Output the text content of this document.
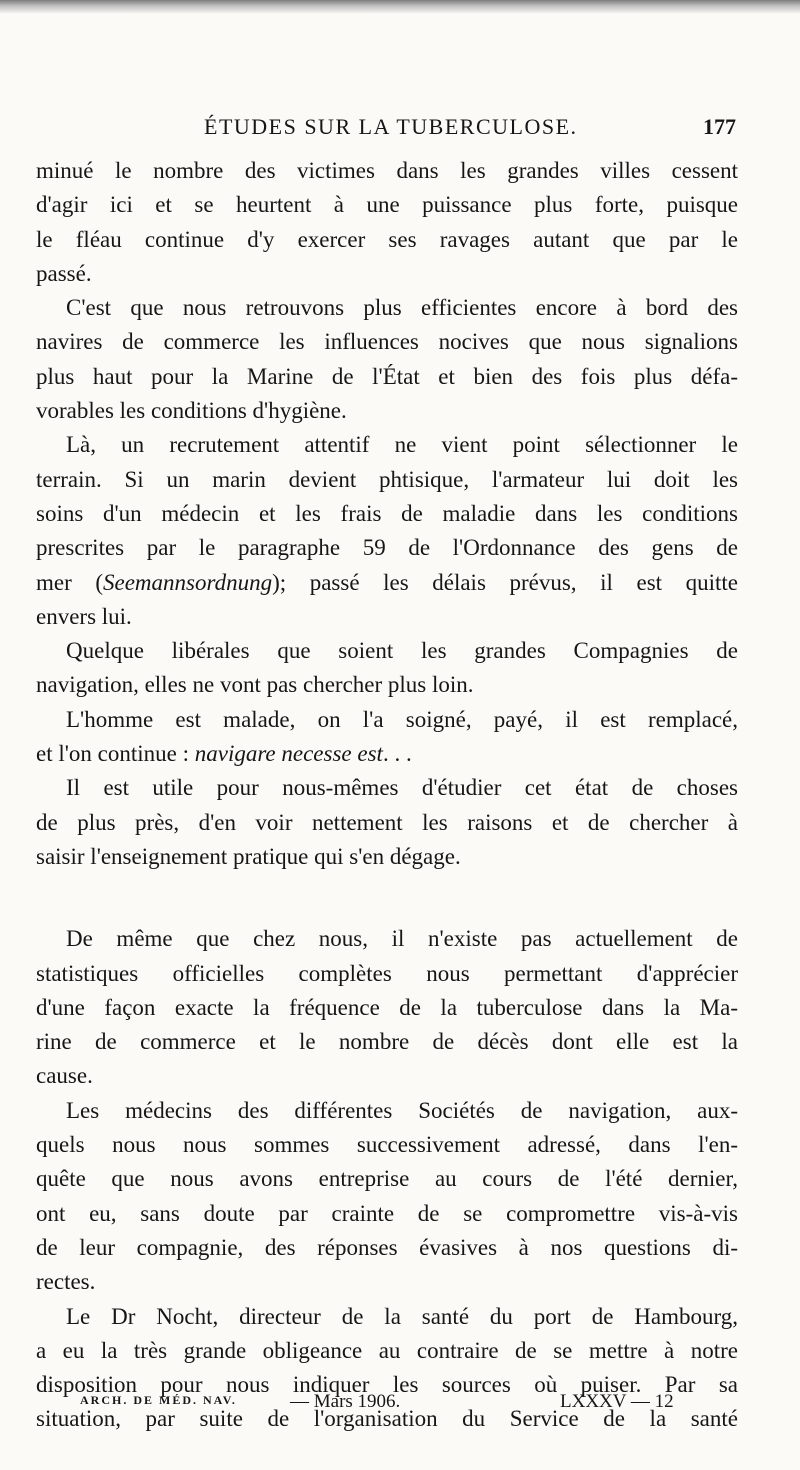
ÉTUDES SUR LA TUBERCULOSE.	177
minué le nombre des victimes dans les grandes villes cessent
d'agir ici et se heurtent à une puissance plus forte, puisque
le fléau continue d'y exercer ses ravages autant que par le
passé.
C'est que nous retrouvons plus efficientes encore à bord des
navires de commerce les influences nocives que nous signalions
plus haut pour la Marine de l'État et bien des fois plus défa-
vorables les conditions d'hygiène.
Là, un recrutement attentif ne vient point sélectionner le
terrain. Si un marin devient phtisique, l'armateur lui doit les
soins d'un médecin et les frais de maladie dans les conditions
prescrites par le paragraphe 59 de l'Ordonnance des gens de
mer (Seemannsordnung); passé les délais prévus, il est quitte
envers lui.
Quelque libérales que soient les grandes Compagnies de
navigation, elles ne vont pas chercher plus loin.
L'homme est malade, on l'a soigné, payé, il est remplacé,
et l'on continue : navigare necesse est. . .
Il est utile pour nous-mêmes d'étudier cet état de choses
de plus près, d'en voir nettement les raisons et de chercher à
saisir l'enseignement pratique qui s'en dégage.
De même que chez nous, il n'existe pas actuellement de
statistiques officielles complètes nous permettant d'apprécier
d'une façon exacte la fréquence de la tuberculose dans la Ma-
rine de commerce et le nombre de décès dont elle est la
cause.
Les médecins des différentes Sociétés de navigation, aux-
quels nous nous sommes successivement adressé, dans l'en-
quête que nous avons entreprise au cours de l'été dernier,
ont eu, sans doute par crainte de se compromettre vis-à-vis
de leur compagnie, des réponses évasives à nos questions di-
rectes.
Le Dr Nocht, directeur de la santé du port de Hambourg,
a eu la très grande obligeance au contraire de se mettre à notre
disposition pour nous indiquer les sources où puiser. Par sa
situation, par suite de l'organisation du Service de la santé
ARCH. DE MÉD. NAV.	— Mars 1906.	LXXXV — 12
